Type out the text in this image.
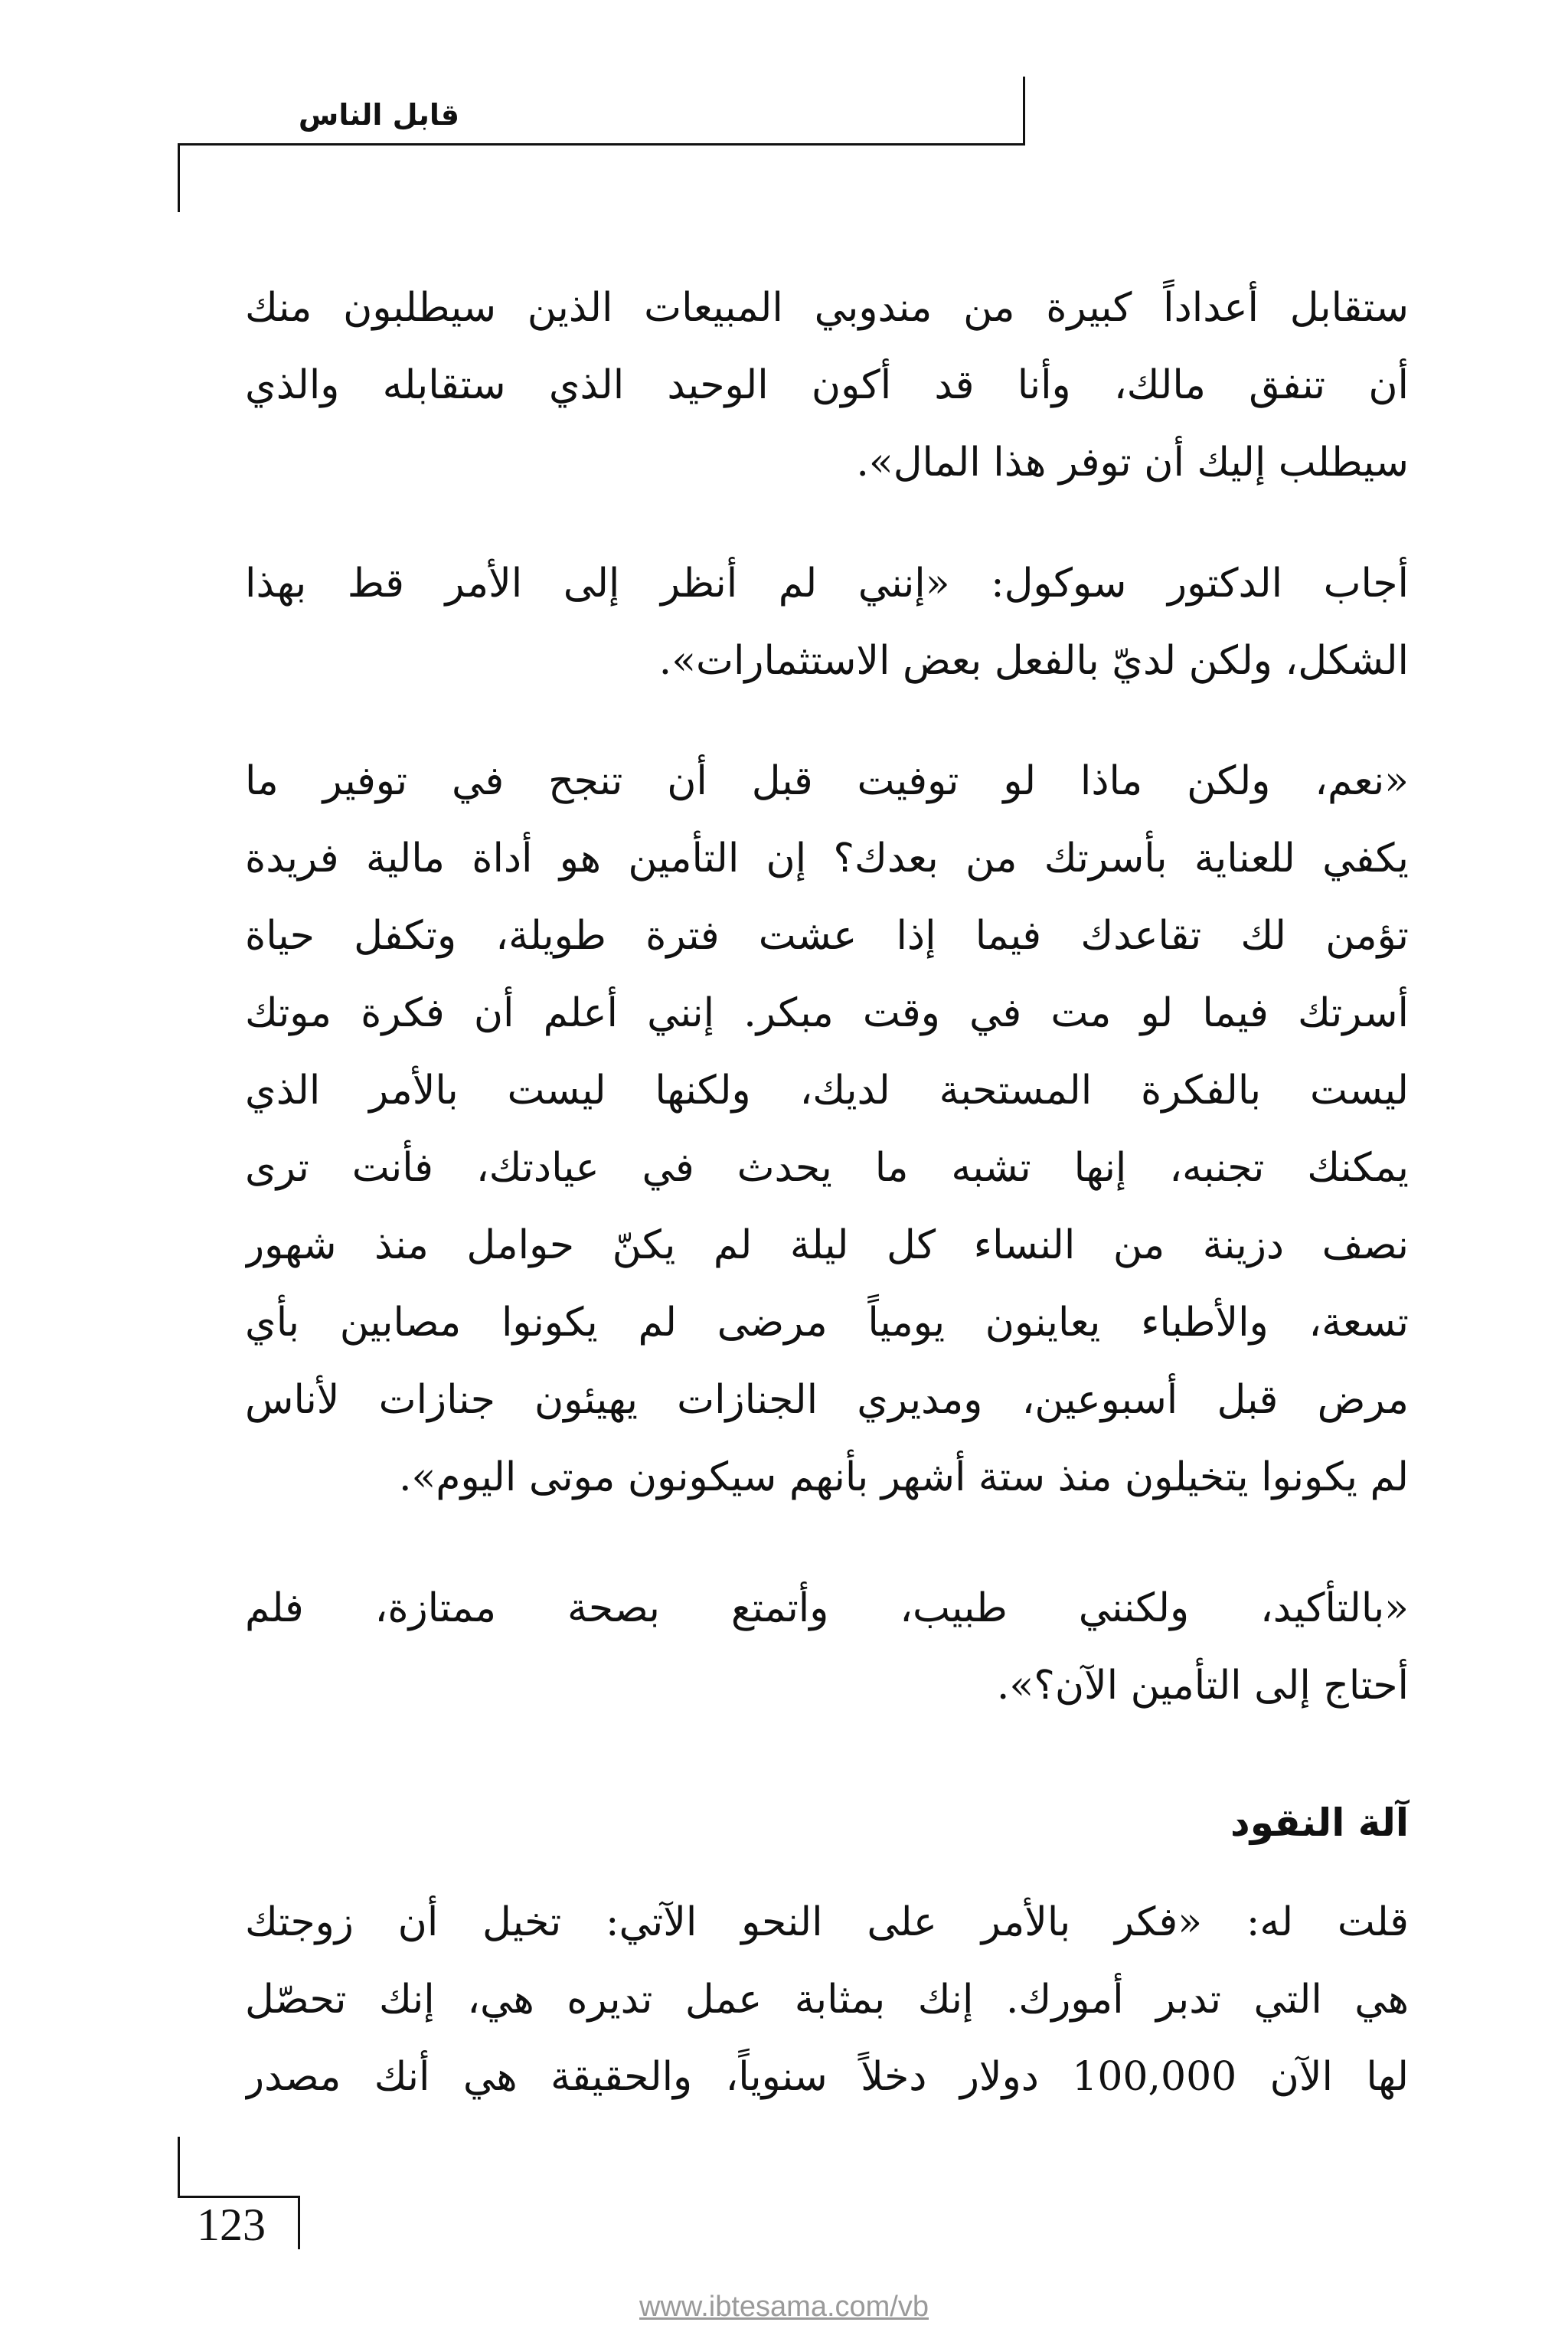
قابل الناس
ستقابل أعداداً كبيرة من مندوبي المبيعات الذين سيطلبون منك
أن تنفق مالك، وأنا قد أكون الوحيد الذي ستقابله والذي
سيطلب إليك أن توفر هذا المال».
أجاب الدكتور سوكول: «إنني لم أنظر إلى الأمر قط بهذا
الشكل، ولكن لديّ بالفعل بعض الاستثمارات».
«نعم، ولكن ماذا لو توفيت قبل أن تنجح في توفير ما
يكفي للعناية بأسرتك من بعدك؟ إن التأمين هو أداة مالية فريدة
تؤمن لك تقاعدك فيما إذا عشت فترة طويلة، وتكفل حياة
أسرتك فيما لو مت في وقت مبكر. إنني أعلم أن فكرة موتك
ليست بالفكرة المستحبة لديك، ولكنها ليست بالأمر الذي
يمكنك تجنبه، إنها تشبه ما يحدث في عيادتك، فأنت ترى
نصف دزينة من النساء كل ليلة لم يكنّ حوامل منذ شهور
تسعة، والأطباء يعاينون يومياً مرضى لم يكونوا مصابين بأي
مرض قبل أسبوعين، ومديري الجنازات يهيئون جنازات لأناس
لم يكونوا يتخيلون منذ ستة أشهر بأنهم سيكونون موتى اليوم».
«بالتأكيد، ولكنني طبيب، وأتمتع بصحة ممتازة، فلم
أحتاج إلى التأمين الآن؟».
آلة النقود
قلت له: «فكر بالأمر على النحو الآتي: تخيل أن زوجتك
هي التي تدبر أمورك. إنك بمثابة عمل تديره هي، إنك تحصّل
لها الآن 100,000 دولار دخلاً سنوياً، والحقيقة هي أنك مصدر
123
www.ibtesama.com/vb
